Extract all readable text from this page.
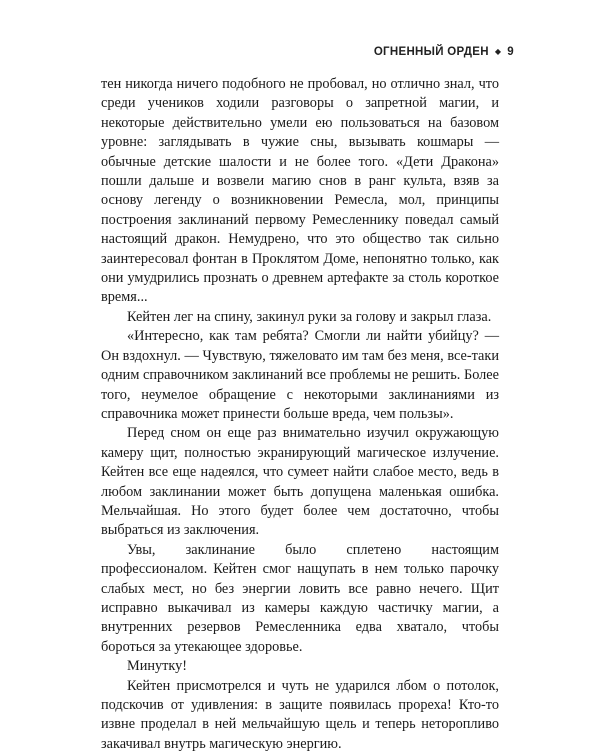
ОГНЕННЫЙ ОРДЕН ◆ 9

тен никогда ничего подобного не пробовал, но отлично знал, что среди учеников ходили разговоры о запретной магии, и некоторые действительно умели ею пользоваться на базовом уровне: заглядывать в чужие сны, вызывать кошмары — обычные детские шалости и не более того. «Дети Дракона» пошли дальше и возвели магию снов в ранг культа, взяв за основу легенду о возникновении Ремесла, мол, принципы построения заклинаний первому Ремесленнику поведал самый настоящий дракон. Немудрено, что это общество так сильно заинтересовал фонтан в Проклятом Доме, непонятно только, как они умудрились прознать о древнем артефакте за столь короткое время...

Кейтен лег на спину, закинул руки за голову и закрыл глаза.

«Интересно, как там ребята? Смогли ли найти убийцу? — Он вздохнул. — Чувствую, тяжеловато им там без меня, все-таки одним справочником заклинаний все проблемы не решить. Более того, неумелое обращение с некоторыми заклинаниями из справочника может принести больше вреда, чем пользы».

Перед сном он еще раз внимательно изучил окружающую камеру щит, полностью экранирующий магическое излучение. Кейтен все еще надеялся, что сумеет найти слабое место, ведь в любом заклинании может быть допущена маленькая ошибка. Мельчайшая. Но этого будет более чем достаточно, чтобы выбраться из заключения.

Увы, заклинание было сплетено настоящим профессионалом. Кейтен смог нащупать в нем только парочку слабых мест, но без энергии ловить все равно нечего. Щит исправно выкачивал из камеры каждую частичку магии, а внутренних резервов Ремесленника едва хватало, чтобы бороться за утекающее здоровье.

Минутку!

Кейтен присмотрелся и чуть не ударился лбом о потолок, подскочив от удивления: в защите появилась прореха! Кто-то извне проделал в ней мельчайшую щель и теперь неторопливо закачивал внутрь магическую энергию.
